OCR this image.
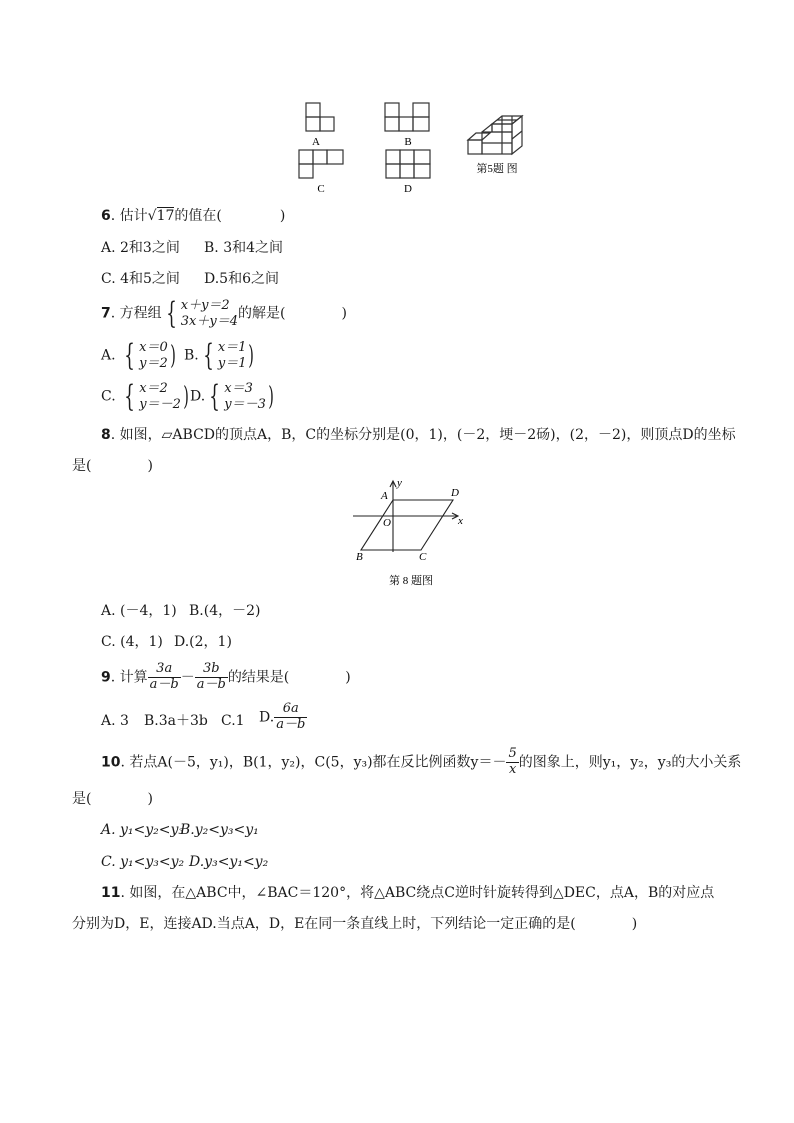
A	B
C	D
第5题 图
6. 估计√17的值在(	)
A. 2和3之间 B. 3和4之间
C. 4和5之间 D.5和6之间
7. 方程组 { x＋y＝2
3x＋y＝4 的解是(	)
A. { x＝0
y＝2 ) B. { x＝1
y＝1 )
C. { x＝2
y＝－2 ) D. { x＝3
y＝－3 )
8. 如图，▱ABCD的顶点A，B，C的坐标分别是(0，1)，(－2，埂－2砀)，(2，－2)，则顶点D的坐标
是(	)
A	D
O	x
y
B	C
第 8 题图
A. (－4，1) B.(4，－2)
C. (4，1) D.(2，1)
9. 计算 $\frac{3a}{a-b} - \frac{3b}{a-b}$ 的结果是(	)
A. 3 B.3a＋3b C.1 D. $\frac{6a}{a-b}$
10. 若点A(－5，y₁)，B(1，y₂)，C(5，y₃)都在反比例函数$y=- \frac{5}{x}$ 的图象上，则y₁，y₂，y₃的大小关系
是(	)
A. y₁<y₂<y₃
B.y₂<y₃<y₁
C. y₁<y₃<y₂ D.y₃<y₁<y₂
11. 如图，在△ABC中，∠BAC＝120°，将△ABC绕点C逆时针旋转得到△DEC，点A，B的对应点
分别为D，E，连接AD.当点A，D，E在同一条直线上时，下列结论一定正确的是(	)
